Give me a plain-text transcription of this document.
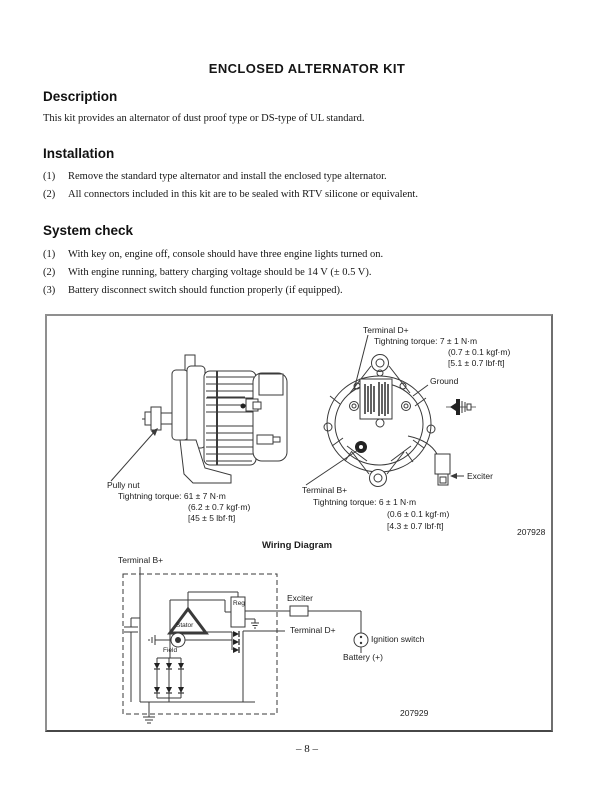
ENCLOSED ALTERNATOR KIT
Description
This kit provides an alternator of dust proof type or DS-type of UL standard.
Installation
(1) Remove the standard type alternator and install the enclosed type alternator.
(2) All connectors included in this kit are to be sealed with RTV silicone or equivalent.
System check
(1) With key on, engine off, console should have three engine lights turned on.
(2) With engine running, battery charging voltage should be 14 V (± 0.5 V).
(3) Battery disconnect switch should function properly (if equipped).
Terminal D+
Tightning torque: 7 ± 1 N·m
(0.7 ± 0.1 kgf·m)
[5.1 ± 0.7 lbf·ft]
Ground
Pully nut
Tightning torque: 61 ± 7 N·m
(6.2 ± 0.7 kgf·m)
[45 ± 5 lbf·ft]
Terminal B+
Tightning torque: 6 ± 1 N·m
(0.6 ± 0.1 kgf·m)
[4.3 ± 0.7 lbf·ft]
Exciter
207928
Wiring Diagram
Terminal B+
Exciter
Terminal D+
Ignition switch
Battery (+)
Stator
Field
Reg
207929
– 8 –
